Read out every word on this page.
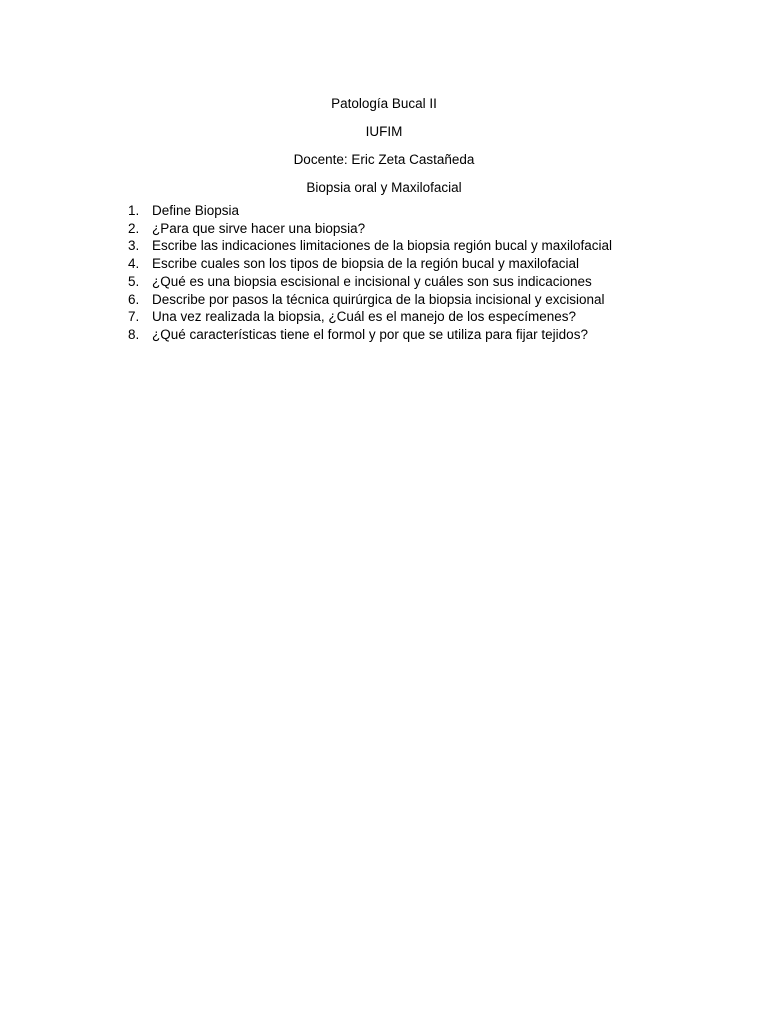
Patología Bucal II
IUFIM
Docente: Eric Zeta Castañeda
Biopsia oral y Maxilofacial
1. Define Biopsia
2. ¿Para que sirve hacer una biopsia?
3. Escribe las indicaciones limitaciones de la biopsia región bucal y maxilofacial
4. Escribe cuales son los tipos de biopsia de la región bucal y maxilofacial
5. ¿Qué es una biopsia escisional e incisional y cuáles son sus indicaciones
6. Describe por pasos la técnica quirúrgica de la biopsia incisional y excisional
7. Una vez realizada la biopsia, ¿Cuál es el manejo de los especímenes?
8. ¿Qué características tiene el formol y por que se utiliza para fijar tejidos?
